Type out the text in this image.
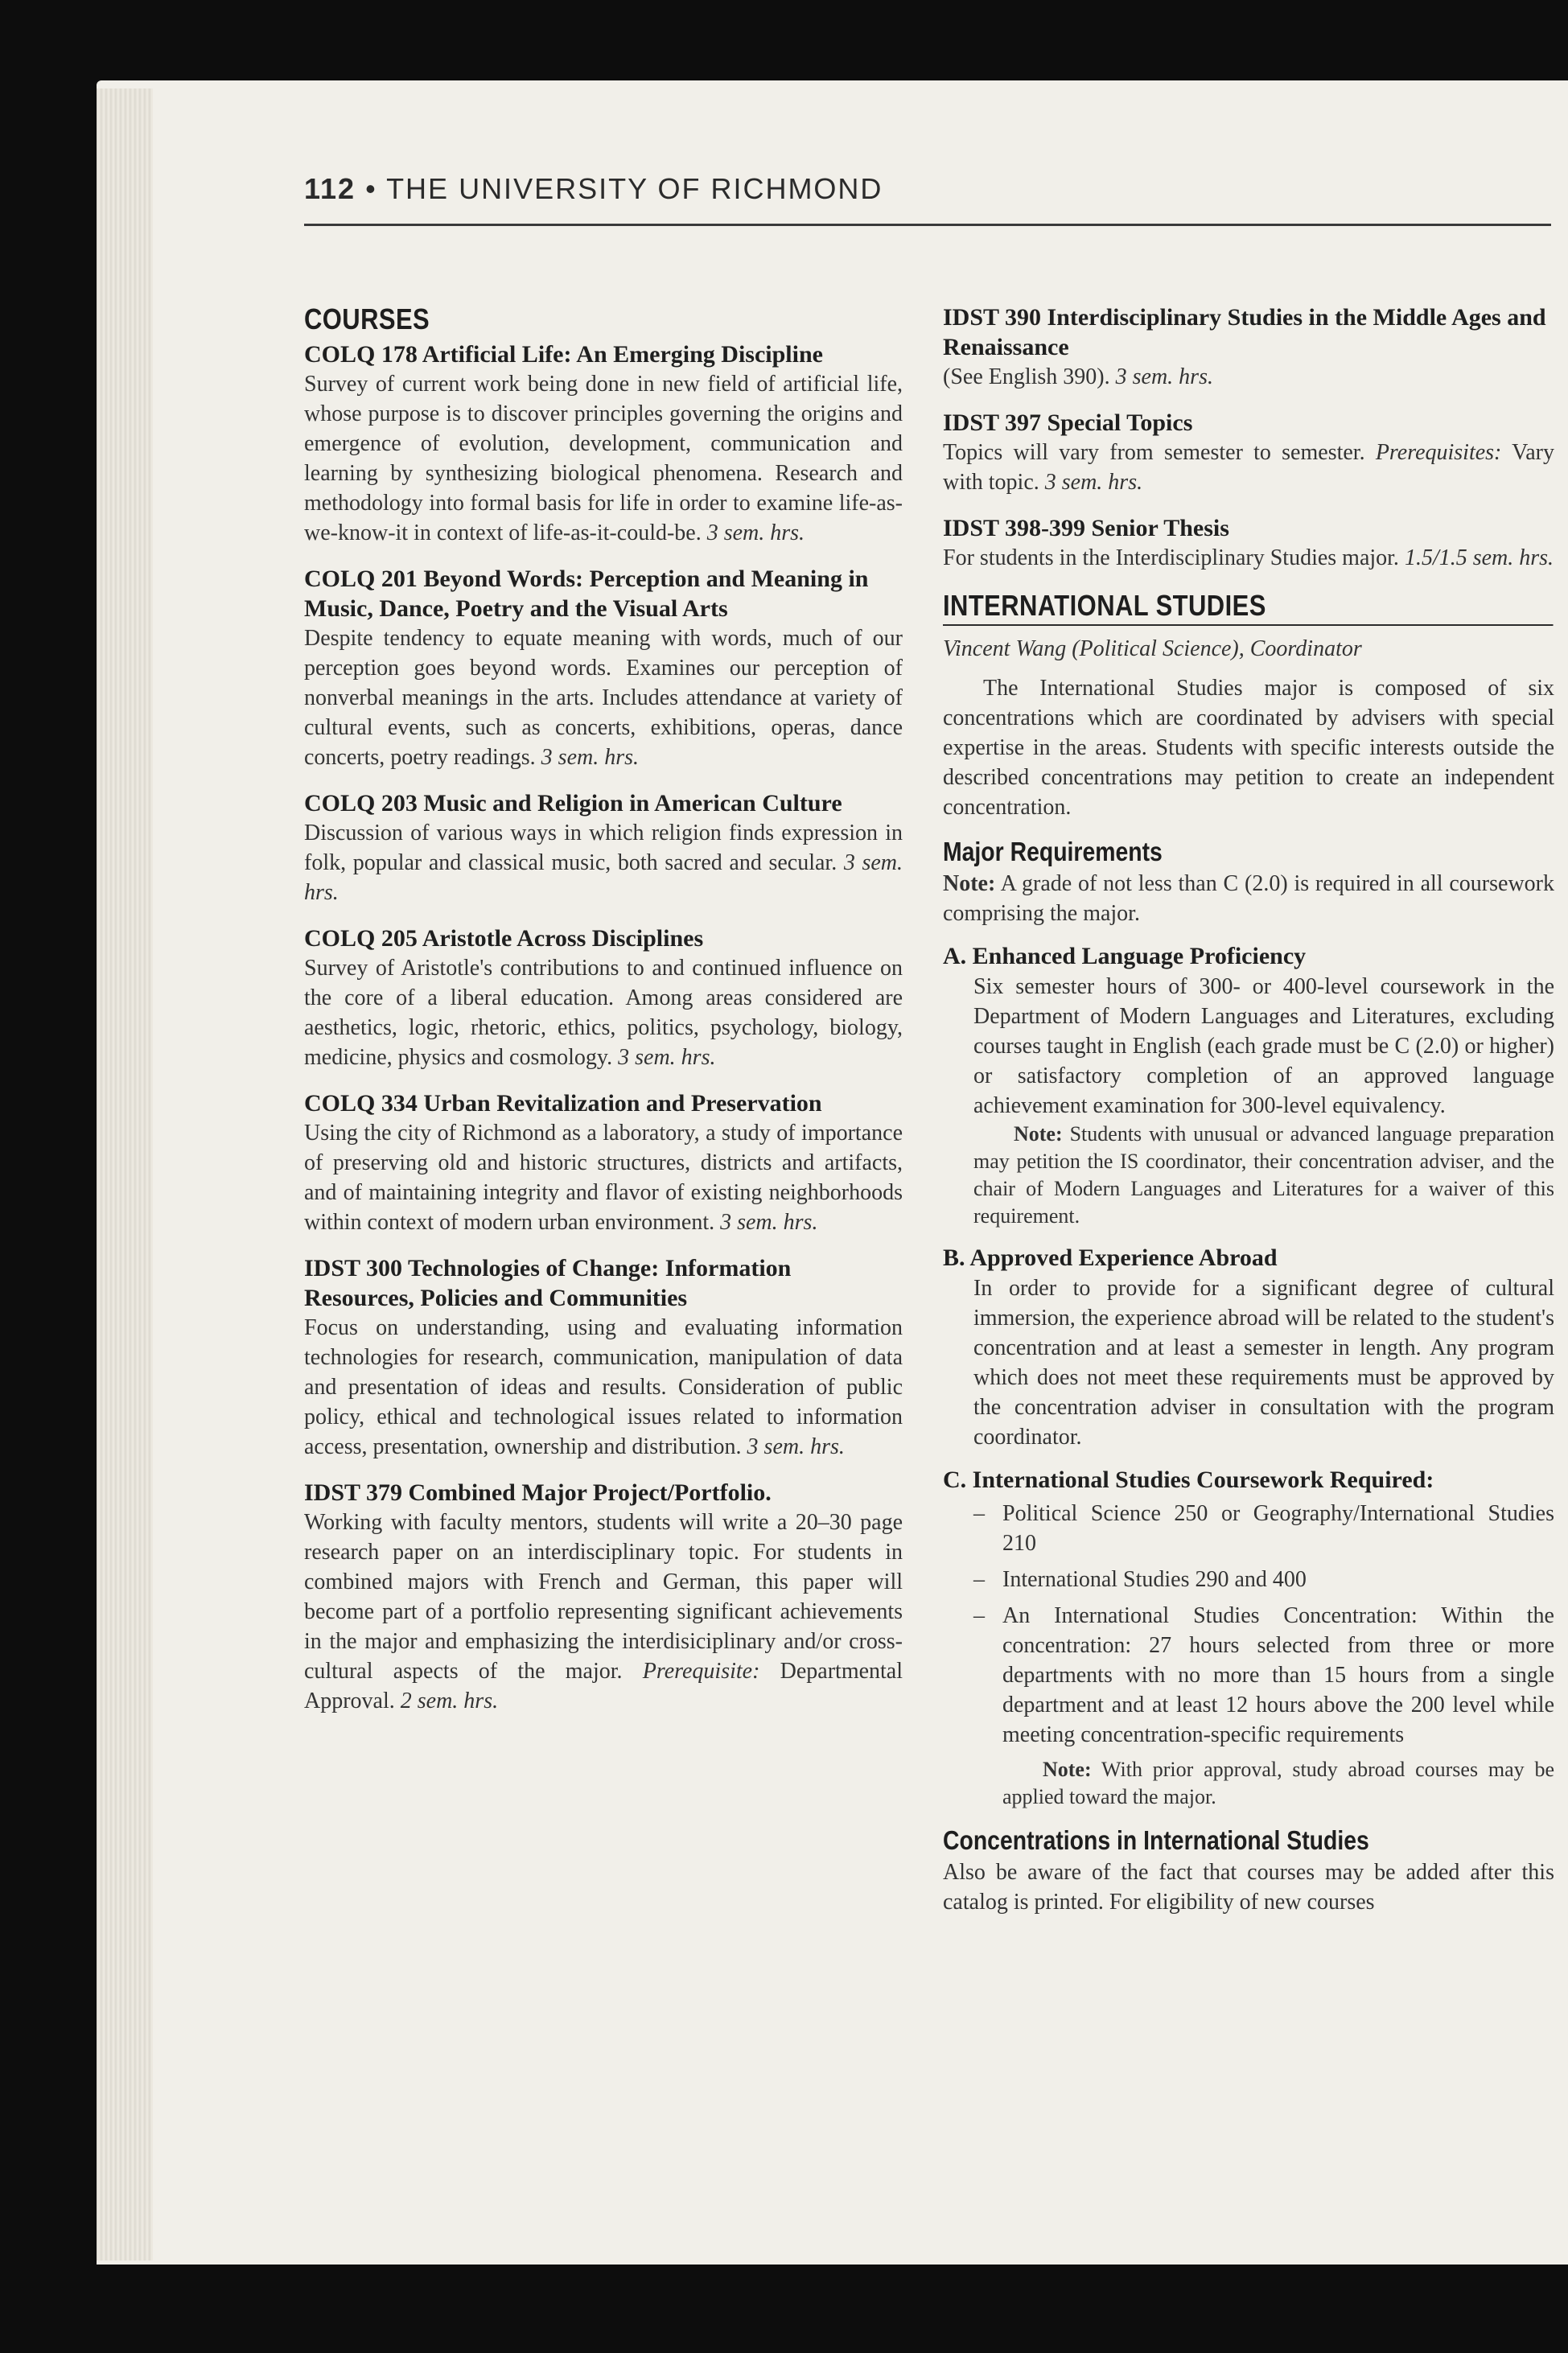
112 • THE UNIVERSITY OF RICHMOND
COURSES
COLQ 178 Artificial Life: An Emerging Discipline
Survey of current work being done in new field of artificial life, whose purpose is to discover principles governing the origins and emergence of evolution, development, communication and learning by synthesizing biological phenomena. Research and methodology into formal basis for life in order to examine life-as-we-know-it in context of life-as-it-could-be. 3 sem. hrs.
COLQ 201 Beyond Words: Perception and Meaning in Music, Dance, Poetry and the Visual Arts
Despite tendency to equate meaning with words, much of our perception goes beyond words. Examines our perception of nonverbal meanings in the arts. Includes attendance at variety of cultural events, such as concerts, exhibitions, operas, dance concerts, poetry readings. 3 sem. hrs.
COLQ 203 Music and Religion in American Culture
Discussion of various ways in which religion finds expression in folk, popular and classical music, both sacred and secular. 3 sem. hrs.
COLQ 205 Aristotle Across Disciplines
Survey of Aristotle's contributions to and continued influence on the core of a liberal education. Among areas considered are aesthetics, logic, rhetoric, ethics, politics, psychology, biology, medicine, physics and cosmology. 3 sem. hrs.
COLQ 334 Urban Revitalization and Preservation
Using the city of Richmond as a laboratory, a study of importance of preserving old and historic structures, districts and artifacts, and of maintaining integrity and flavor of existing neighborhoods within context of modern urban environment. 3 sem. hrs.
IDST 300 Technologies of Change: Information Resources, Policies and Communities
Focus on understanding, using and evaluating information technologies for research, communication, manipulation of data and presentation of ideas and results. Consideration of public policy, ethical and technological issues related to information access, presentation, ownership and distribution. 3 sem. hrs.
IDST 379 Combined Major Project/Portfolio.
Working with faculty mentors, students will write a 20–30 page research paper on an interdisciplinary topic. For students in combined majors with French and German, this paper will become part of a portfolio representing significant achievements in the major and emphasizing the interdisiciplinary and/or cross-cultural aspects of the major. Prerequisite: Departmental Approval. 2 sem. hrs.
IDST 390 Interdisciplinary Studies in the Middle Ages and Renaissance
(See English 390). 3 sem. hrs.
IDST 397 Special Topics
Topics will vary from semester to semester. Prerequisites: Vary with topic. 3 sem. hrs.
IDST 398-399 Senior Thesis
For students in the Interdisciplinary Studies major. 1.5/1.5 sem. hrs.
INTERNATIONAL STUDIES
Vincent Wang (Political Science), Coordinator
The International Studies major is composed of six concentrations which are coordinated by advisers with special expertise in the areas. Students with specific interests outside the described concentrations may petition to create an independent concentration.
Major Requirements
Note: A grade of not less than C (2.0) is required in all coursework comprising the major.
A. Enhanced Language Proficiency
Six semester hours of 300- or 400-level coursework in the Department of Modern Languages and Literatures, excluding courses taught in English (each grade must be C (2.0) or higher) or satisfactory completion of an approved language achievement examination for 300-level equivalency.
Note: Students with unusual or advanced language preparation may petition the IS coordinator, their concentration adviser, and the chair of Modern Languages and Literatures for a waiver of this requirement.
B. Approved Experience Abroad
In order to provide for a significant degree of cultural immersion, the experience abroad will be related to the student's concentration and at least a semester in length. Any program which does not meet these requirements must be approved by the concentration adviser in consultation with the program coordinator.
C. International Studies Coursework Required:
– Political Science 250 or Geography/International Studies 210
– International Studies 290 and 400
– An International Studies Concentration: Within the concentration: 27 hours selected from three or more departments with no more than 15 hours from a single department and at least 12 hours above the 200 level while meeting concentration-specific requirements
Note: With prior approval, study abroad courses may be applied toward the major.
Concentrations in International Studies
Also be aware of the fact that courses may be added after this catalog is printed. For eligibility of new courses
